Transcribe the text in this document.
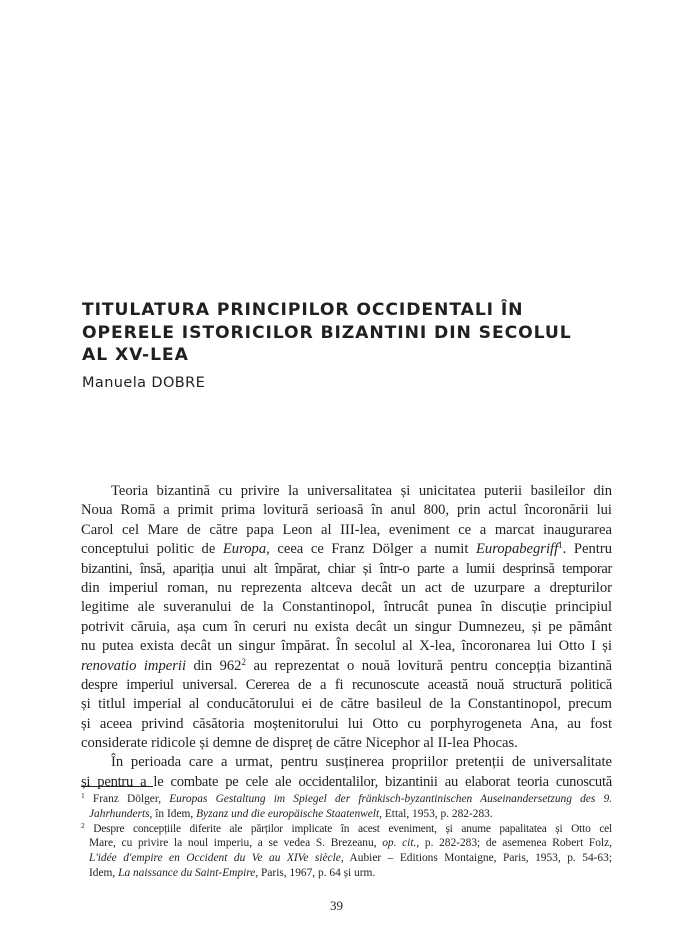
TITULATURA PRINCIPILOR OCCIDENTALI ÎN
OPERELE ISTORICILOR BIZANTINI DIN SECOLUL
AL XV-LEA
Manuela DOBRE
Teoria bizantină cu privire la universalitatea și unicitatea puterii basileilor din
Noua Romă a primit prima lovitură serioasă în anul 800, prin actul încoronării lui
Carol cel Mare de către papa Leon al III-lea, eveniment ce a marcat inaugurarea
conceptului politic de Europa, ceea ce Franz Dölger a numit Europabegriff$^1$. Pentru
bizantini, însă, apariția unui alt împărat, chiar și într-o parte a lumii desprinsă temporar
din imperiul roman, nu reprezenta altceva decât un act de uzurpare a drepturilor
legitime ale suveranului de la Constantinopol, întrucât punea în discuție principiul
potrivit căruia, așa cum în ceruri nu exista decât un singur Dumnezeu, și pe pământ
nu putea exista decât un singur împărat. În secolul al X-lea, încoronarea lui Otto I și
renovatio imperii din $962^2$ au reprezentat o nouă lovitură pentru concepția bizantină
despre imperiul universal. Cererea de a fi recunoscute această nouă structură politică
și titlul imperial al conducătorului ei de către basileul de la Constantinopol, precum
și aceea privind căsătoria moștenitorului lui Otto cu porphyrogeneta Ana, au fost
considerate ridicole și demne de dispreț de către Nicephor al II-lea Phocas.
În perioada care a urmat, pentru susținerea propriilor pretenții de universalitate
și pentru a le combate pe cele ale occidentalilor, bizantinii au elaborat teoria cunoscută
$^1$ Franz Dölger, Europas Gestaltung im Spiegel der fränkisch-byzantinischen Auseinandersetzung des 9.
Jahrhunderts, în Idem, Byzanz und die europäische Staatenwelt, Ettal, 1953, p. 282-283.
$^2$ Despre concepțiile diferite ale părților implicate în acest eveniment, și anume papalitatea și Otto cel
Mare, cu privire la noul imperiu, a se vedea S. Brezeanu, op. cit., p. 282-283; de asemenea Robert Folz,
L'idée d'empire en Occident du Ve au XIVe siècle, Aubier – Editions Montaigne, Paris, 1953, p. 54-63;
Idem, La naissance du Saint-Empire, Paris, 1967, p. 64 și urm.
39
